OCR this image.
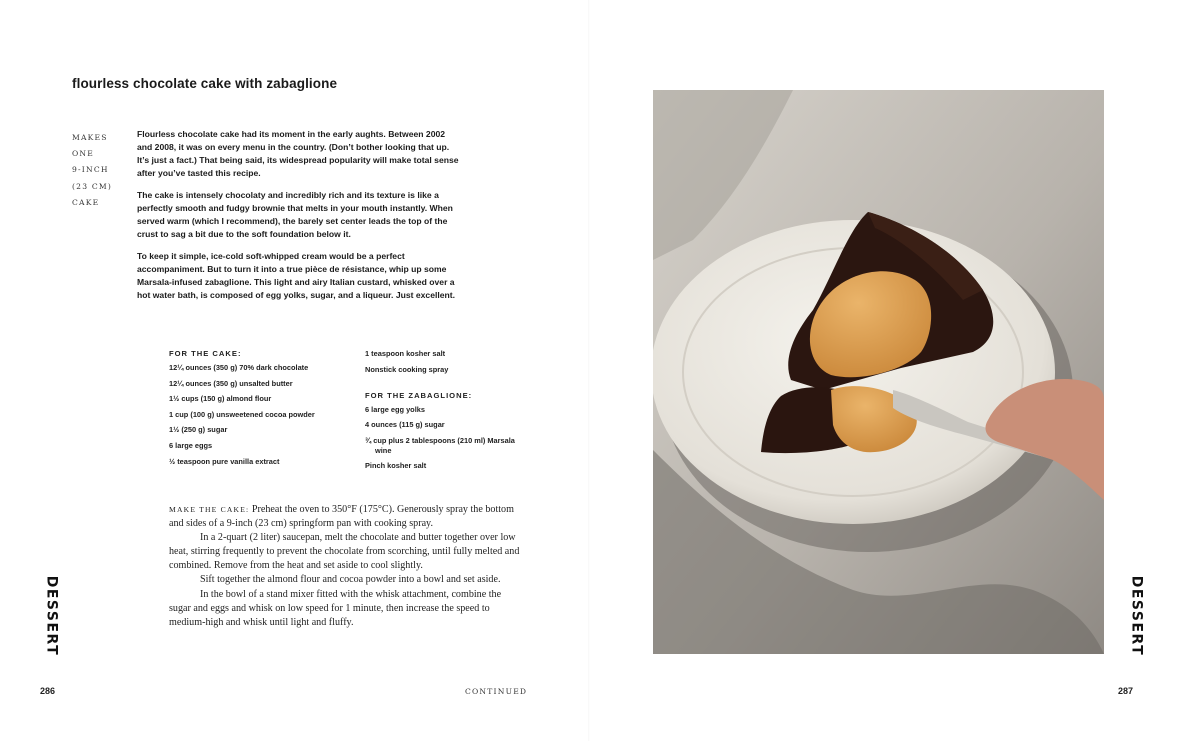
flourless chocolate cake with zabaglione
MAKES
ONE
9-INCH
(23 CM)
CAKE

Flourless chocolate cake had its moment in the early aughts. Between 2002 and 2008, it was on every menu in the country. (Don’t bother looking that up. It’s just a fact.) That being said, its widespread popularity will make total sense after you’ve tasted this recipe.

The cake is intensely chocolaty and incredibly rich and its texture is like a perfectly smooth and fudgy brownie that melts in your mouth instantly. When served warm (which I recommend), the barely set center leads the top of the crust to sag a bit due to the soft foundation below it.

To keep it simple, ice-cold soft-whipped cream would be a perfect accompaniment. But to turn it into a true pièce de résistance, whip up some Marsala-infused zabaglione. This light and airy Italian custard, whisked over a hot water bath, is composed of egg yolks, sugar, and a liqueur. Just excellent.

FOR THE CAKE:
12¼ ounces (350 g) 70% dark chocolate
12¼ ounces (350 g) unsalted butter
1½ cups (150 g) almond flour
1 cup (100 g) unsweetened cocoa powder
1½ (250 g) sugar
6 large eggs
½ teaspoon pure vanilla extract
1 teaspoon kosher salt
Nonstick cooking spray
FOR THE ZABAGLIONE:
6 large egg yolks
4 ounces (115 g) sugar
¾ cup plus 2 tablespoons (210 ml) Marsala wine
Pinch kosher salt

MAKE THE CAKE: Preheat the oven to 350°F (175°C). Generously spray the bottom and sides of a 9-inch (23 cm) springform pan with cooking spray.

In a 2-quart (2 liter) saucepan, melt the chocolate and butter together over low heat, stirring frequently to prevent the chocolate from scorching, until fully melted and combined. Remove from the heat and set aside to cool slightly.

Sift together the almond flour and cocoa powder into a bowl and set aside.

In the bowl of a stand mixer fitted with the whisk attachment, combine the sugar and eggs and whisk on low speed for 1 minute, then increase the speed to medium-high and whisk until light and fluffy.

DESSERT
286	CONTINUED
DESSERT
287
